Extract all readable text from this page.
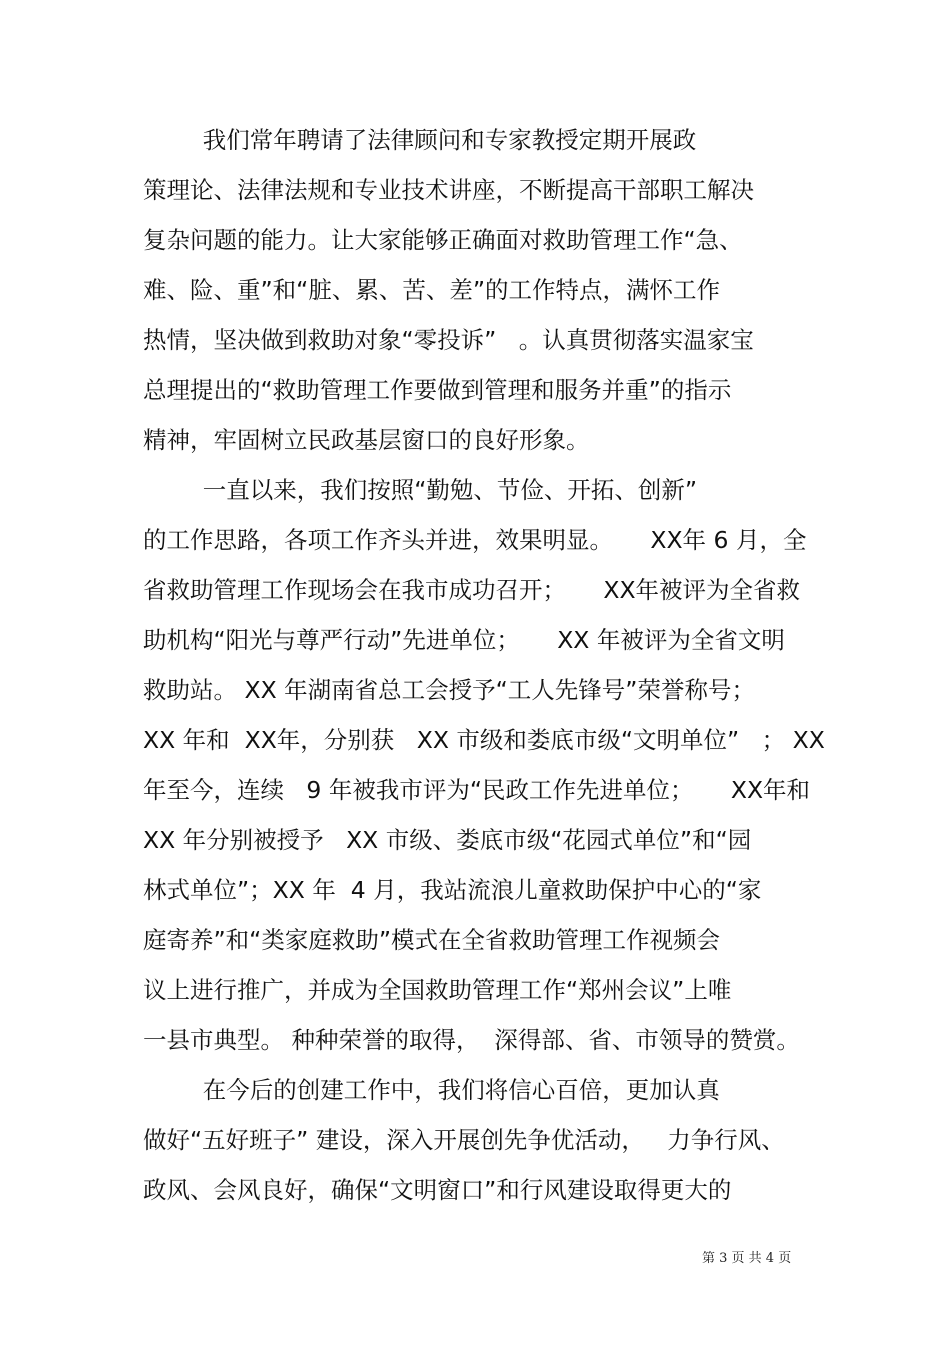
我们常年聘请了法律顾问和专家教授定期开展政
策理论、法律法规和专业技术讲座，不断提高干部职工解决
复杂问题的能力。让大家能够正确面对救助管理工作“急、
难、险、重”和“脏、累、苦、差”的工作特点，满怀工作
热情，坚决做到救助对象“零投诉”   。认真贯彻落实温家宝
总理提出的“救助管理工作要做到管理和服务并重”的指示
精神，牢固树立民政基层窗口的良好形象。
一直以来，我们按照“勤勉、节俭、开拓、创新”
的工作思路，各项工作齐头并进，效果明显。     XX年 6 月，全
省救助管理工作现场会在我市成功召开；     XX年被评为全省救
助机构“阳光与尊严行动”先进单位；     XX 年被评为全省文明
救助站。 XX 年湖南省总工会授予“工人先锋号”荣誉称号；
XX 年和  XX年，分别获   XX 市级和娄底市级“文明单位”   ； XX
年至今，连续   9 年被我市评为“民政工作先进单位；     XX年和
XX 年分别被授予   XX 市级、娄底市级“花园式单位”和“园
林式单位”；XX 年  4 月，我站流浪儿童救助保护中心的“家
庭寄养”和“类家庭救助”模式在全省救助管理工作视频会
议上进行推广，并成为全国救助管理工作“郑州会议”上唯
一县市典型。 种种荣誉的取得，  深得部、省、市领导的赞赏。
在今后的创建工作中，我们将信心百倍，更加认真
做好“五好班子” 建设，深入开展创先争优活动，   力争行风、
政风、会风良好，确保“文明窗口”和行风建设取得更大的
第 3 页 共 4 页
